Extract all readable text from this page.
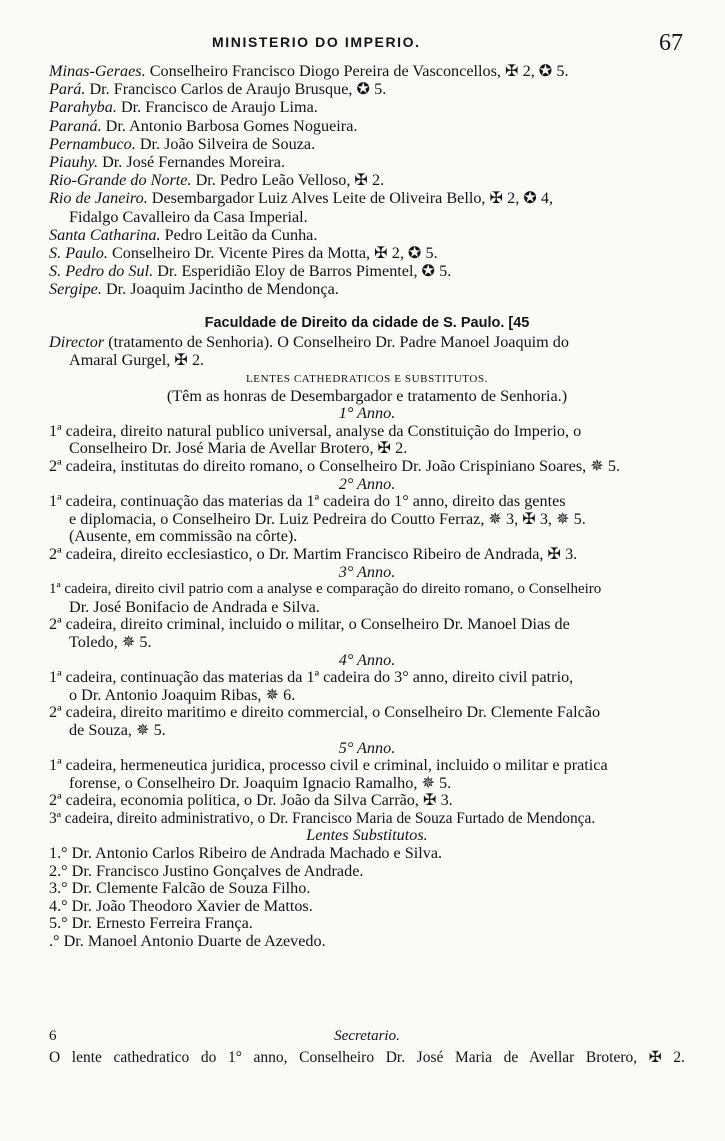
MINISTERIO DO IMPERIO.	67
Minas-Geraes. Conselheiro Francisco Diogo Pereira de Vasconcellos, ✠ 2, ✪ 5.
Pará. Dr. Francisco Carlos de Araujo Brusque, ✪ 5.
Parahyba. Dr. Francisco de Araujo Lima.
Paraná. Dr. Antonio Barbosa Gomes Nogueira.
Pernambuco. Dr. João Silveira de Souza.
Piauhy. Dr. José Fernandes Moreira.
Rio-Grande do Norte. Dr. Pedro Leão Velloso, ✠ 2.
Rio de Janeiro. Desembargador Luiz Alves Leite de Oliveira Bello, ✠ 2, ✪ 4,
Fidalgo Cavalleiro da Casa Imperial.
Santa Catharina. Pedro Leitão da Cunha.
S. Paulo. Conselheiro Dr. Vicente Pires da Motta, ✠ 2, ✪ 5.
S. Pedro do Sul. Dr. Esperidião Eloy de Barros Pimentel, ✪ 5.
Sergipe. Dr. Joaquim Jacintho de Mendonça.
Faculdade de Direito da cidade de S. Paulo. [45
Director (tratamento de Senhoria). O Conselheiro Dr. Padre Manoel Joaquim do
Amaral Gurgel, ✠ 2.
LENTES CATHEDRATICOS E SUBSTITUTOS.
(Têm as honras de Desembargador e tratamento de Senhoria.)
1° Anno.
1ª cadeira, direito natural publico universal, analyse da Constituição do Imperio, o
Conselheiro Dr. José Maria de Avellar Brotero, ✠ 2.
2ª cadeira, institutas do direito romano, o Conselheiro Dr. João Crispiniano Soares, ✵ 5.
2° Anno.
1ª cadeira, continuação das materias da 1ª cadeira do 1° anno, direito das gentes
e diplomacia, o Conselheiro Dr. Luiz Pedreira do Coutto Ferraz, ✵ 3, ✠ 3, ✵ 5.
(Ausente, em commissão na côrte).
2ª cadeira, direito ecclesiastico, o Dr. Martim Francisco Ribeiro de Andrada, ✠ 3.
3° Anno.
1ª cadeira, direito civil patrio com a analyse e comparação do direito romano, o Conselheiro
Dr. José Bonifacio de Andrada e Silva.
2ª cadeira, direito criminal, incluido o militar, o Conselheiro Dr. Manoel Dias de
Toledo, ✵ 5.
4° Anno.
1ª cadeira, continuação das materias da 1ª cadeira do 3° anno, direito civil patrio,
o Dr. Antonio Joaquim Ribas, ✵ 6.
2ª cadeira, direito maritimo e direito commercial, o Conselheiro Dr. Clemente Falcão
de Souza, ✵ 5.
5° Anno.
1ª cadeira, hermeneutica juridica, processo civil e criminal, incluido o militar e pratica
forense, o Conselheiro Dr. Joaquim Ignacio Ramalho, ✵ 5.
2ª cadeira, economia politica, o Dr. João da Silva Carrão, ✠ 3.
3ª cadeira, direito administrativo, o Dr. Francisco Maria de Souza Furtado de Mendonça.
Lentes Substitutos.
1.° Dr. Antonio Carlos Ribeiro de Andrada Machado e Silva.
2.° Dr. Francisco Justino Gonçalves de Andrade.
3.° Dr. Clemente Falcão de Souza Filho.
4.° Dr. João Theodoro Xavier de Mattos.
5.° Dr. Ernesto Ferreira França.
.° Dr. Manoel Antonio Duarte de Azevedo.
6	Secretario.
O lente cathedratico do 1° anno, Conselheiro Dr. José Maria de Avellar Brotero, ✠ 2.
